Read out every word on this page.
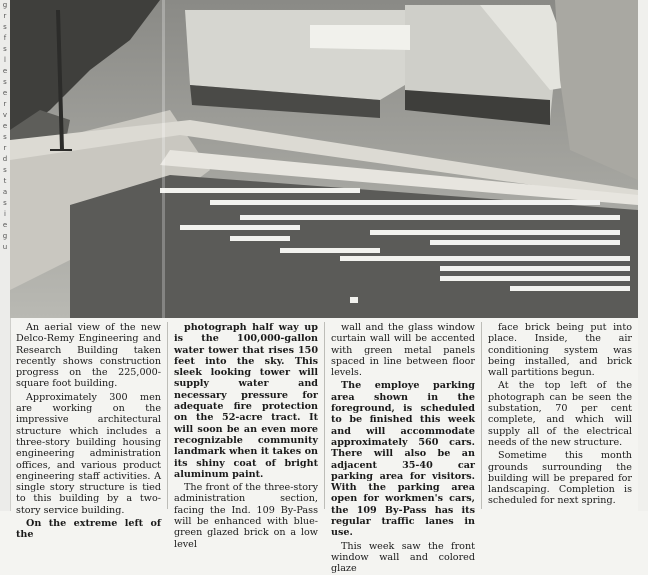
g
r
s
f
s
l
e
s
e
r
v
e
s
r
d
s
t
a
s
i
e
g
u

An aerial view of the new Delco-Remy Engineering and Research Building taken recently shows construction progress on the 225,000-square foot building.

Approximately 300 men are working on the impressive architectural structure which includes a three-story building housing engineering administration offices, and various product engineering staff activities. A single story structure is tied to this building by a two-story service building.

On the extreme left of the

photograph half way up is the 100,000-gallon water tower that rises 150 feet into the sky. This sleek looking tower will supply water and necessary pressure for adequate fire protection on the 52-acre tract. It will soon be an even more recognizable community landmark when it takes on its shiny coat of bright aluminum paint.

The front of the three-story administration section, facing the Ind. 109 By-Pass will be enhanced with blue-green glazed brick on a low level

wall and the glass window curtain wall will be accented with green metal panels spaced in line between floor levels.

The employe parking area shown in the foreground, is scheduled to be finished this week and will accommodate approximately 560 cars. There will also be an adjacent 35-40 car parking area for visitors. With the parking area open for workmen's cars, the 109 By-Pass has its regular traffic lanes in use.

This week saw the front window wall and colored glaze

face brick being put into place. Inside, the air conditioning system was being installed, and brick wall partitions begun.

At the top left of the photograph can be seen the substation, 70 per cent complete, and which will supply all of the electrical needs of the new structure.

Sometime this month grounds surrounding the building will be prepared for landscaping. Completion is scheduled for next spring.
